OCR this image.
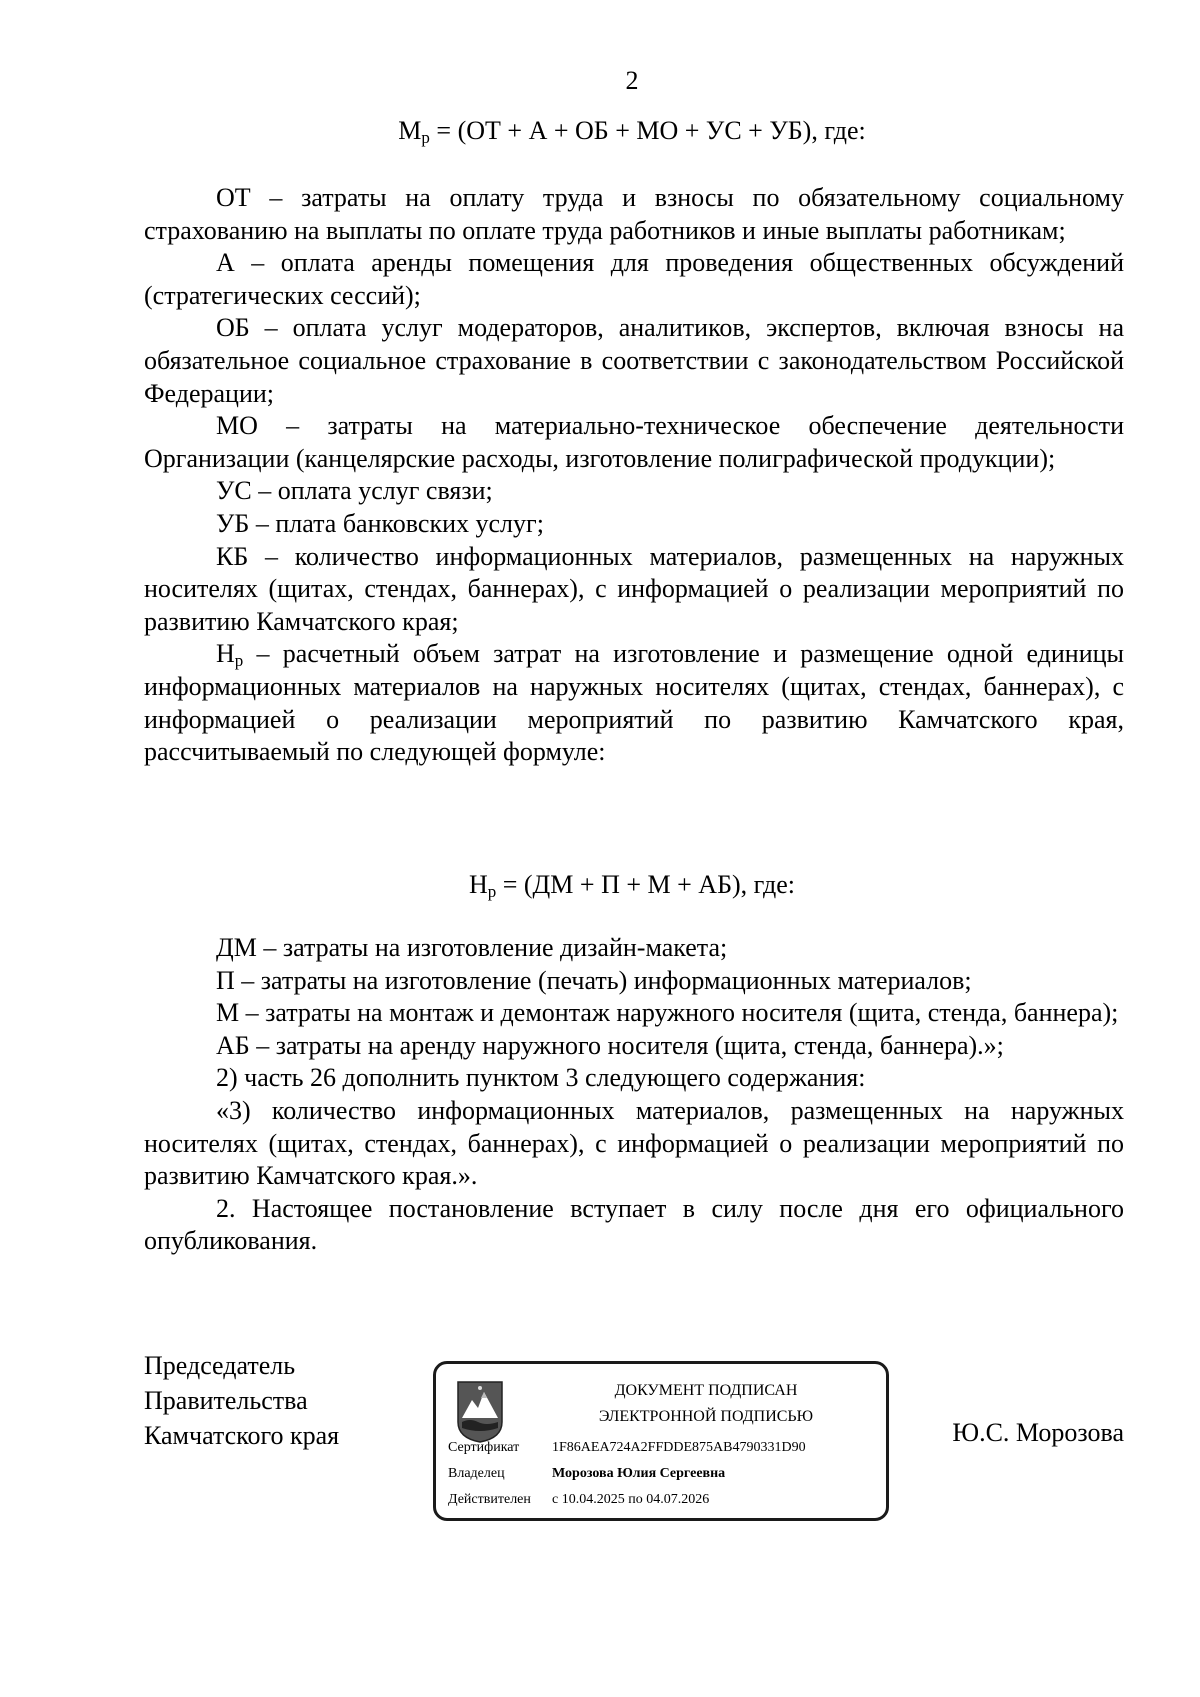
2
$М_р = (ОТ + А$ + ОБ + МО + УС + УБ), где:

ОТ – затраты на оплату труда и взносы по обязательному социальному страхованию на выплаты по оплате труда работников и иные выплаты работникам;

А – оплата аренды помещения для проведения общественных обсуждений (стратегических сессий);

ОБ – оплата услуг модераторов, аналитиков, экспертов, включая взносы на обязательное социальное страхование в соответствии с законодательством Российской Федерации;

МО – затраты на материально-техническое обеспечение деятельности Организации (канцелярские расходы, изготовление полиграфической продукции);

УС – оплата услуг связи;

УБ – плата банковских услуг;

КБ – количество информационных материалов, размещенных на наружных носителях (щитах, стендах, баннерах), с информацией о реализации мероприятий по развитию Камчатского края;

$Н_р$ – расчетный объем затрат на изготовление и размещение одной единицы информационных материалов на наружных носителях (щитах, стендах, баннерах), с информацией о реализации мероприятий по развитию Камчатского края, рассчитываемый по следующей формуле:

$Н_р = (ДМ + П + М + АБ)$, где:

ДМ – затраты на изготовление дизайн-макета;

П – затраты на изготовление (печать) информационных материалов;

М – затраты на монтаж и демонтаж наружного носителя (щита, стенда, баннера);

АБ – затраты на аренду наружного носителя (щита, стенда, баннера).»;

2) часть 26 дополнить пунктом 3 следующего содержания:

«3) количество информационных материалов, размещенных на наружных носителях (щитах, стендах, баннерах), с информацией о реализации мероприятий по развитию Камчатского края.».

2. Настоящее постановление вступает в силу после дня его официального опубликования.

Председатель
Правительства
Камчатского края
ДОКУМЕНТ ПОДПИСАН
ЭЛЕКТРОННОЙ ПОДПИСЬЮ
Сертификат 1F86AEA724A2FFDDE875AB4790331D90
Владелец	Морозова Юлия Сергеевна
Действителен с 10.04.2025 по 04.07.2026
Ю.С. Морозова
